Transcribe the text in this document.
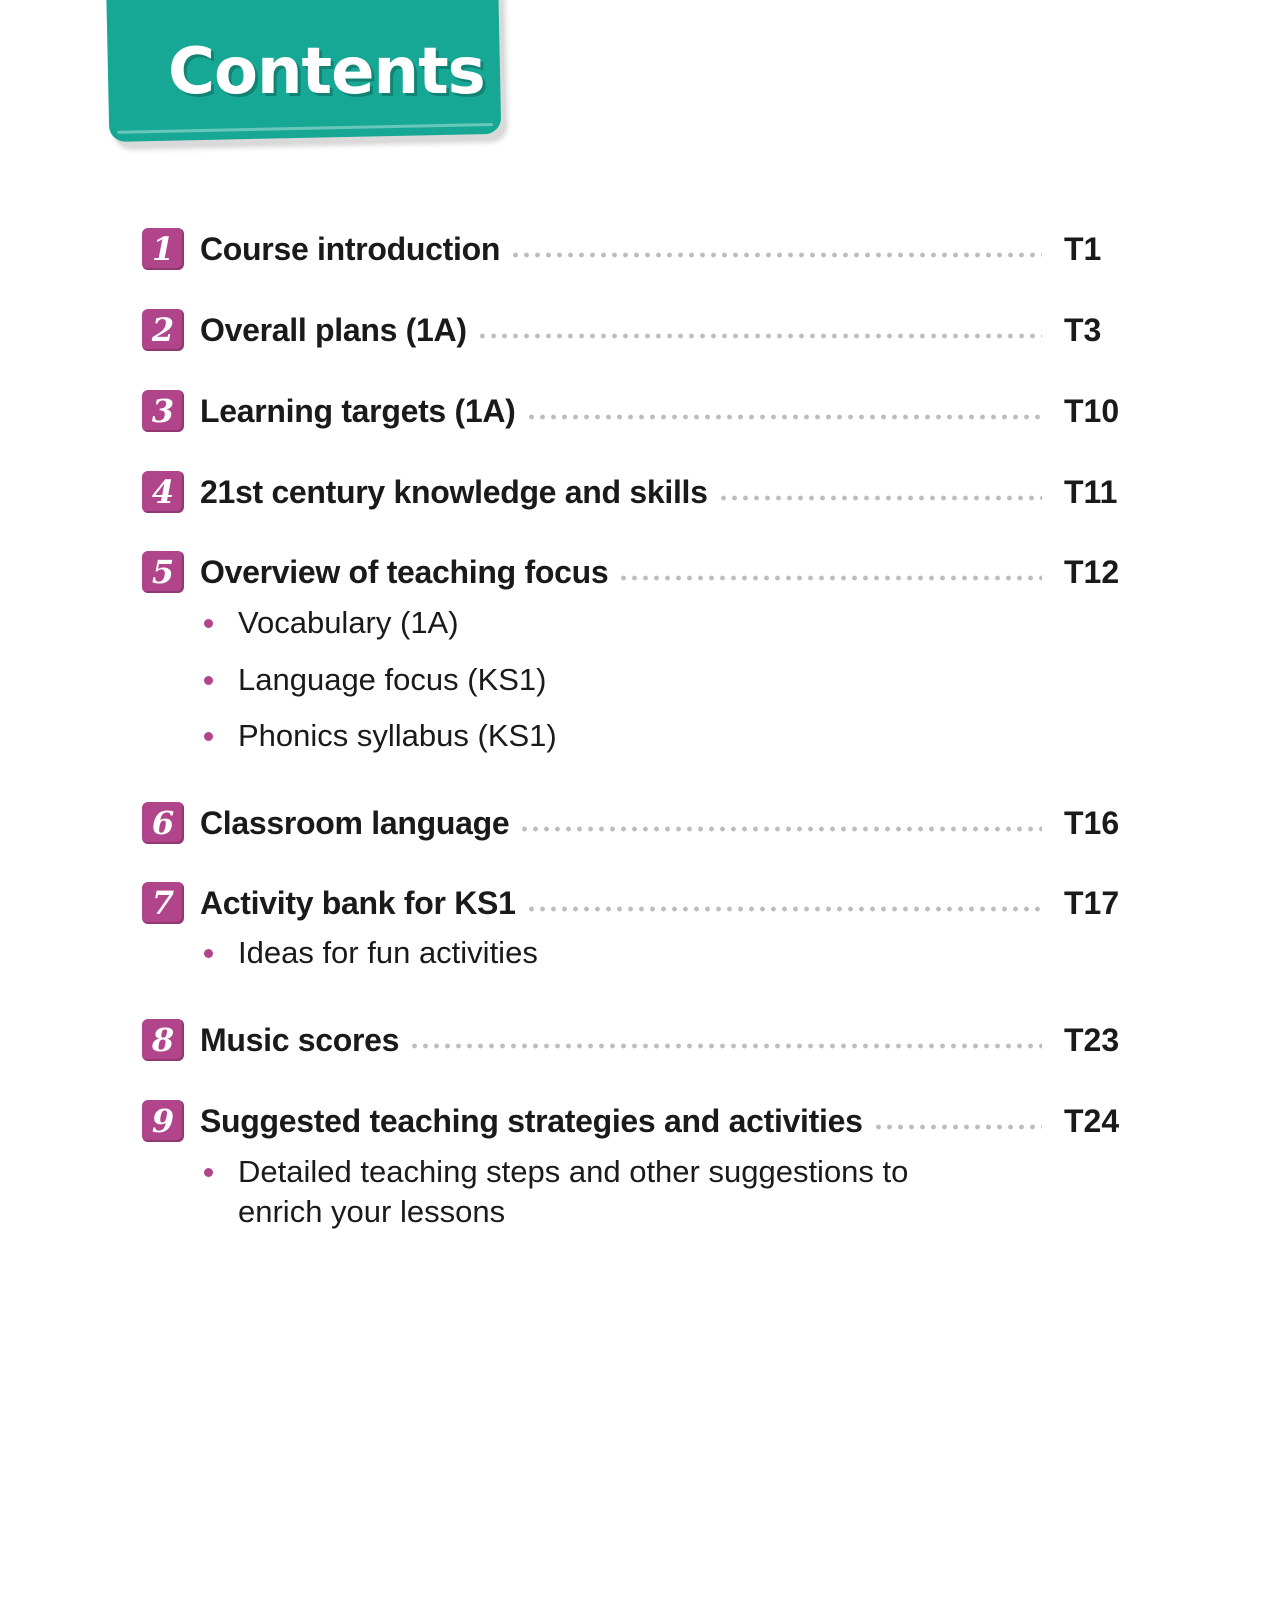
Contents
1 Course introduction	T1
2 Overall plans (1A)	T3
3 Learning targets (1A)	T10
4 21st century knowledge and skills	T11
5 Overview of teaching focus	T12
Vocabulary (1A)
Language focus (KS1)
Phonics syllabus (KS1)
6 Classroom language	T16
7 Activity bank for KS1	T17
Ideas for fun activities
8 Music scores	T23
9 Suggested teaching strategies and activities	T24
Detailed teaching steps and other suggestions to enrich your lessons
